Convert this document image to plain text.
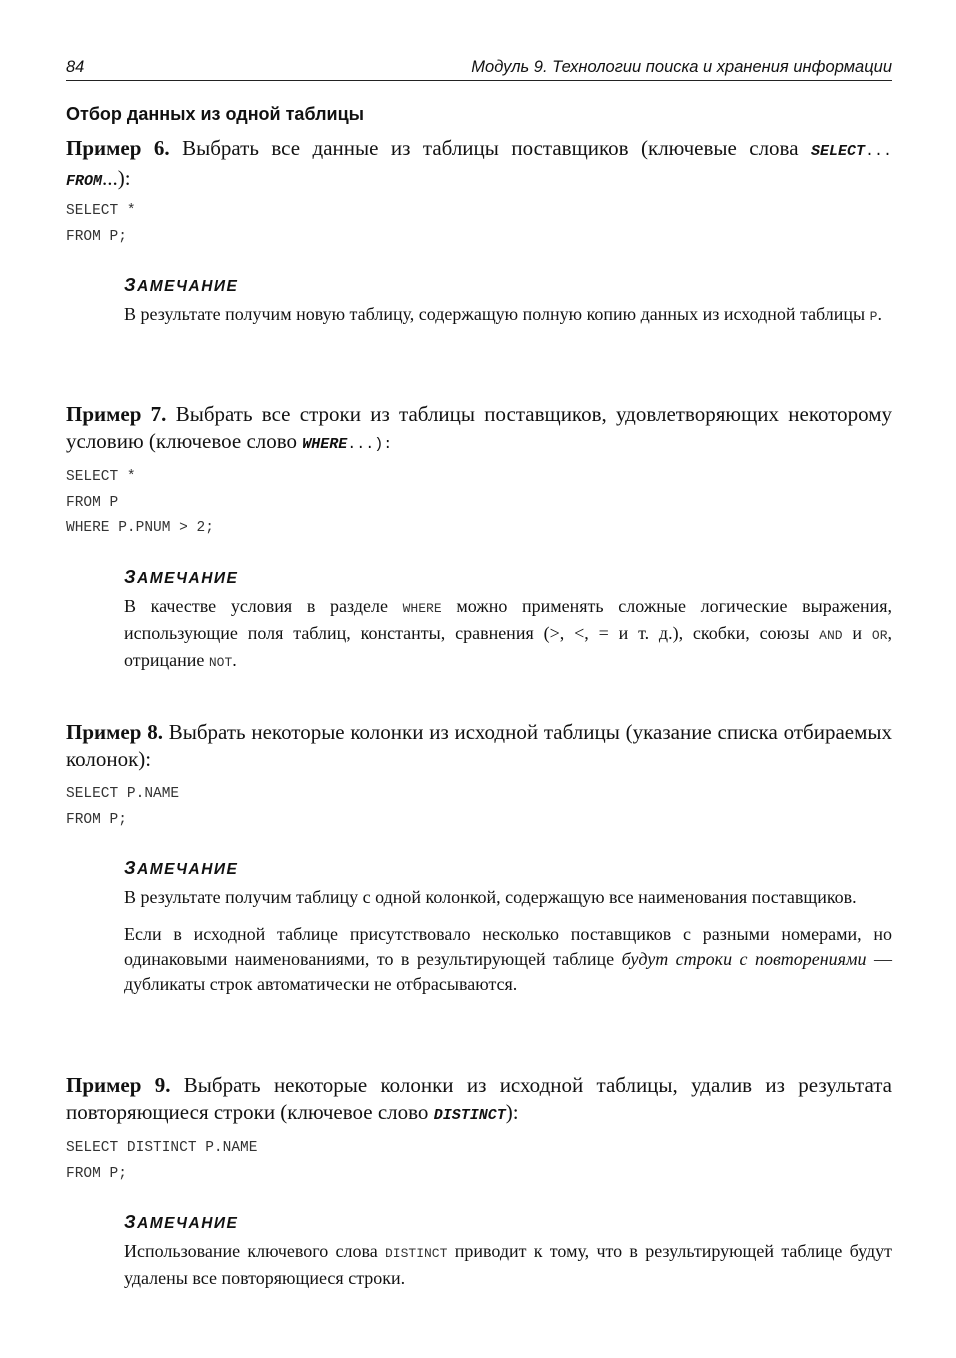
84	Модуль 9. Технологии поиска и хранения информации
Отбор данных из одной таблицы
Пример 6. Выбрать все данные из таблицы поставщиков (ключевые слова SELECT... FROM...):
SELECT *
FROM P;
ЗАМЕЧАНИЕ

В результате получим новую таблицу, содержащую полную копию данных из исходной таблицы P.

Пример 7. Выбрать все строки из таблицы поставщиков, удовлетворяющих некоторому условию (ключевое слово WHERE...):
SELECT *
FROM P
WHERE P.PNUM > 2;
ЗАМЕЧАНИЕ

В качестве условия в разделе WHERE можно применять сложные логические выражения, использующие поля таблиц, константы, сравнения (>, <, = и т. д.), скобки, союзы AND и OR, отрицание NOT.

Пример 8. Выбрать некоторые колонки из исходной таблицы (указание списка отбираемых колонок):
SELECT P.NAME
FROM P;
ЗАМЕЧАНИЕ

В результате получим таблицу с одной колонкой, содержащую все наименования поставщиков.

Если в исходной таблице присутствовало несколько поставщиков с разными номерами, но одинаковыми наименованиями, то в результирующей таблице будут строки с повторениями — дубликаты строк автоматически не отбрасываются.

Пример 9. Выбрать некоторые колонки из исходной таблицы, удалив из результата повторяющиеся строки (ключевое слово DISTINCT):
SELECT DISTINCT P.NAME
FROM P;
ЗАМЕЧАНИЕ

Использование ключевого слова DISTINCT приводит к тому, что в результирующей таблице будут удалены все повторяющиеся строки.
